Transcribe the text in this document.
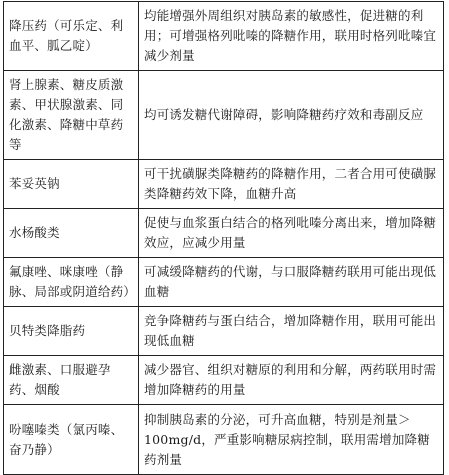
降压药（可乐定、利血平、胍乙啶）	均能增强外周组织对胰岛素的敏感性，促进糖的利用；可增强格列吡嗪的降糖作用，联用时格列吡嗪宜减少剂量
肾上腺素、糖皮质激素、甲状腺激素、同化激素、降糖中草药等	均可诱发糖代谢障碍，影响降糖药疗效和毒副反应
苯妥英钠	可干扰磺脲类降糖药的降糖作用，二者合用可使磺脲类降糖药效下降，血糖升高
水杨酸类	促使与血浆蛋白结合的格列吡嗪分离出来，增加降糖效应，应减少用量
氟康唑、咪康唑（静脉、局部或阴道给药）	可减缓降糖药的代谢，与口服降糖药联用可能出现低血糖
贝特类降脂药	竞争降糖药与蛋白结合，增加降糖作用，联用可能出现低血糖
雌激素、口服避孕药、烟酸	减少器官、组织对糖原的利用和分解，两药联用时需增加降糖药的用量
吩噻嗪类（氯丙嗪、奋乃静）	抑制胰岛素的分泌，可升高血糖，特别是剂量＞100mg/d，严重影响糖尿病控制，联用需增加降糖药剂量
